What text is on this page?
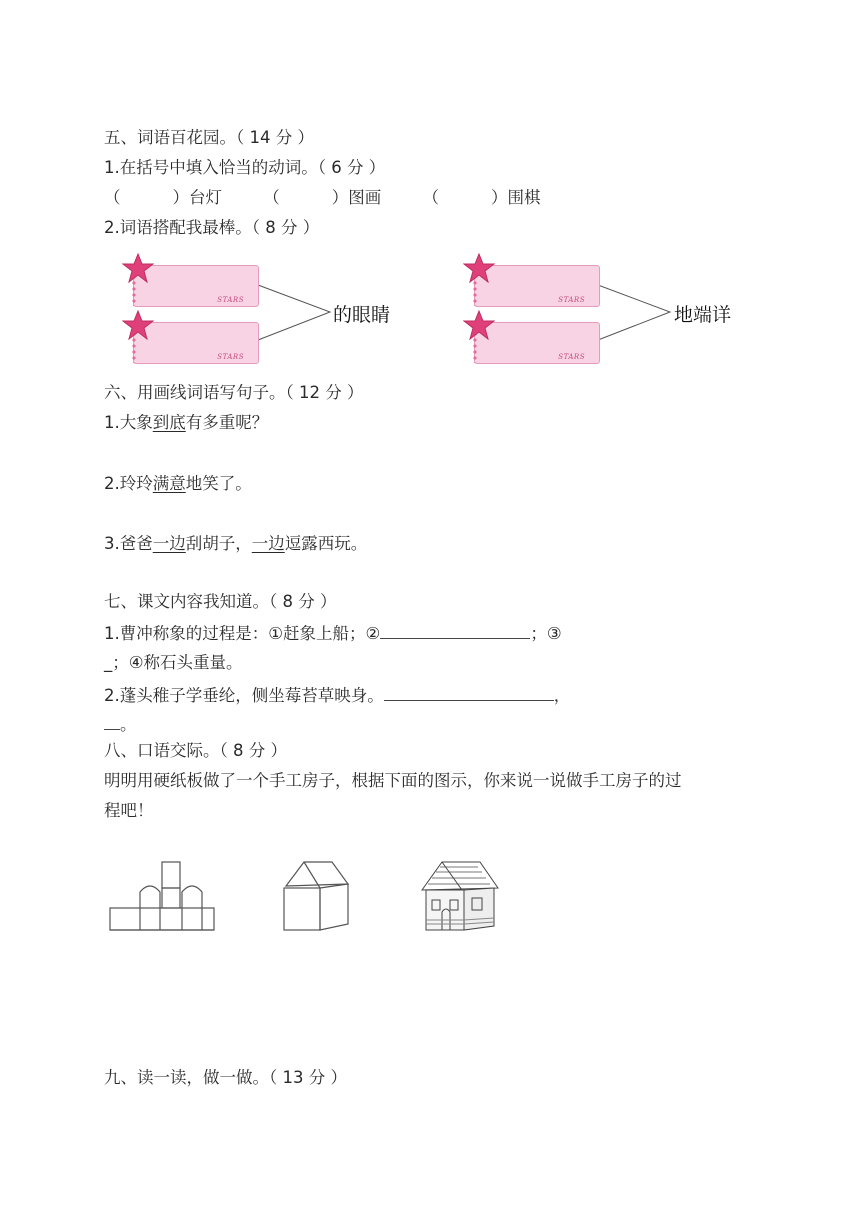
五、词语百花园。（ 14 分 ）
1.在括号中填入恰当的动词。（ 6 分 ）
（	）台灯	（	）图画	（	）围棋
2.词语搭配我最棒。（ 8 分 ）
STARS
STARS
STARS
STARS
的眼睛	地端详
六、用画线词语写句子。（ 12 分 ）
1.大象到底有多重呢？
2.玲玲满意地笑了。
3.爸爸一边刮胡子，一边逗露西玩。
七、课文内容我知道。（ 8 分 ）
1.曹冲称象的过程是：①赶象上船；②	；③
_；④称石头重量。
2.蓬头稚子学垂纶，侧坐莓苔草映身。	，
。
八、口语交际。（ 8 分 ）
明明用硬纸板做了一个手工房子，根据下面的图示，你来说一说做手工房子的过
程吧！
九、读一读，做一做。（ 13 分 ）
